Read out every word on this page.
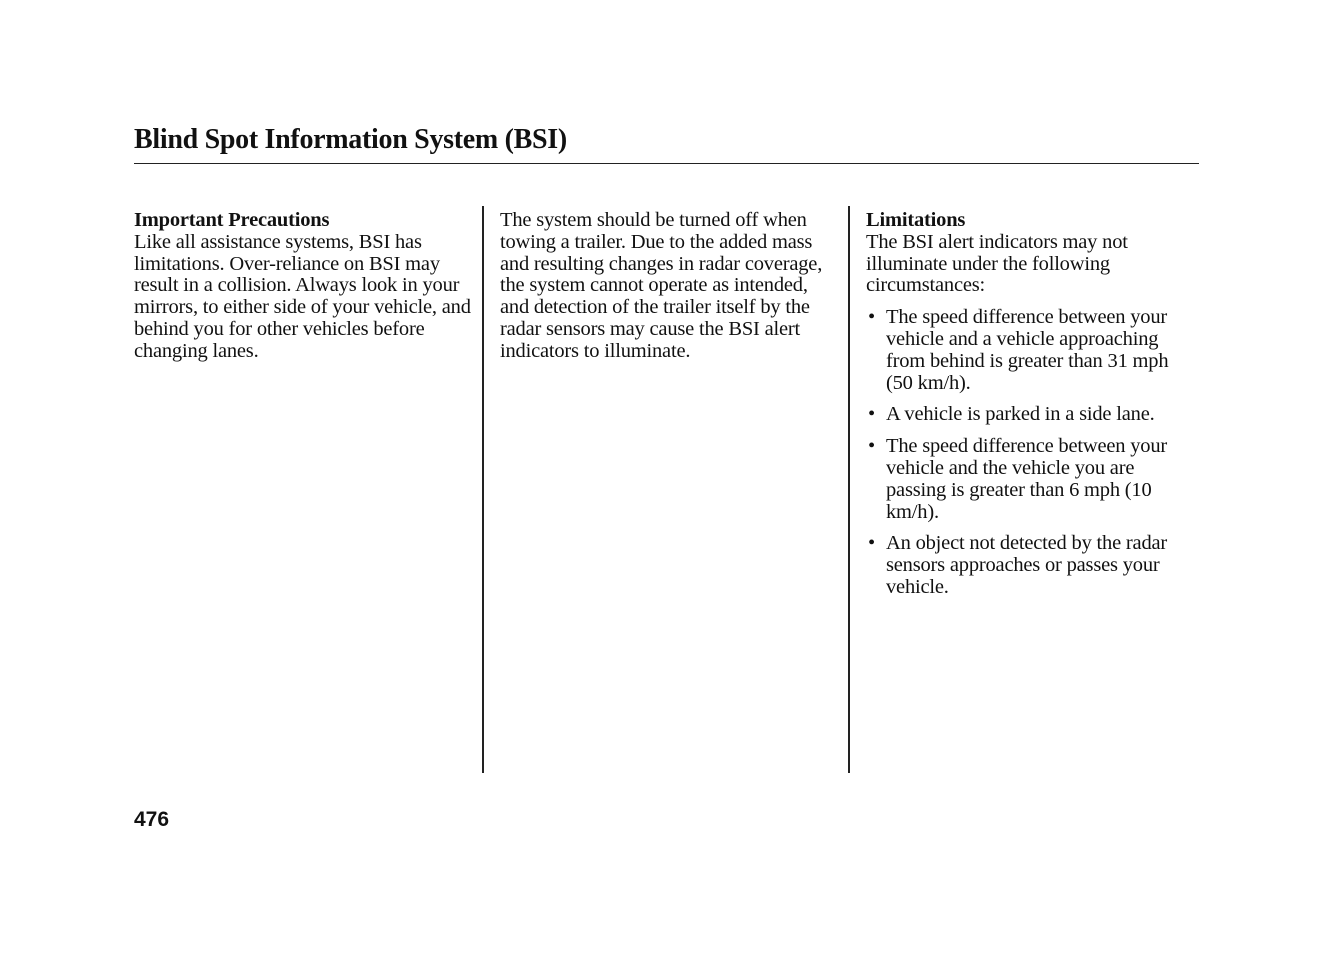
Blind Spot Information System (BSI)
Important Precautions
Like all assistance systems, BSI has limitations. Over-reliance on BSI may result in a collision. Always look in your mirrors, to either side of your vehicle, and behind you for other vehicles before changing lanes.
The system should be turned off when towing a trailer. Due to the added mass and resulting changes in radar coverage, the system cannot operate as intended, and detection of the trailer itself by the radar sensors may cause the BSI alert indicators to illuminate.
Limitations
The BSI alert indicators may not illuminate under the following circumstances:
• The speed difference between your vehicle and a vehicle approaching from behind is greater than 31 mph (50 km/h).
• A vehicle is parked in a side lane.
• The speed difference between your vehicle and the vehicle you are passing is greater than 6 mph (10 km/h).
• An object not detected by the radar sensors approaches or passes your vehicle.
476
